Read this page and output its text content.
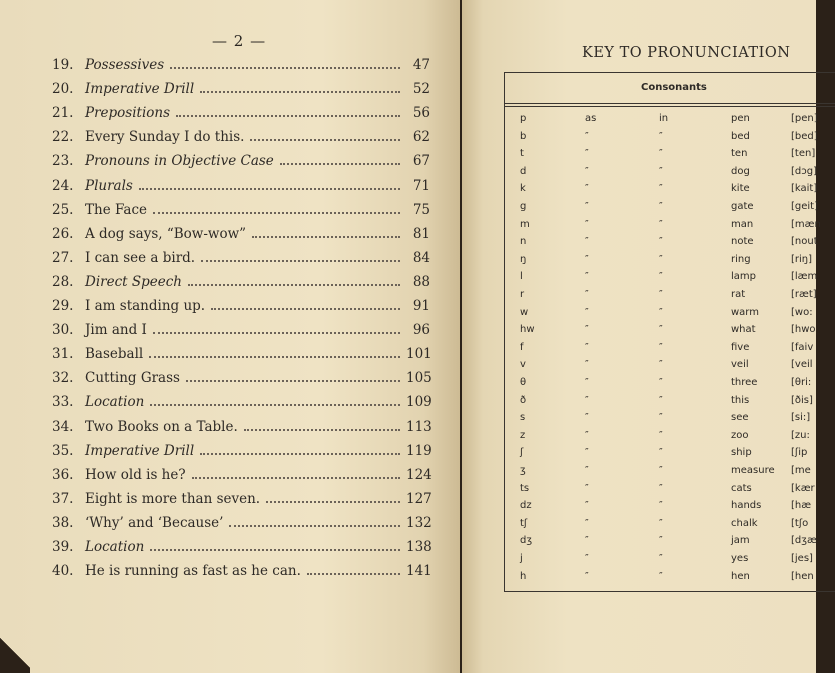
— 2 —
19. Possessives	47
20. Imperative Drill	52
21. Prepositions	56
22. Every Sunday I do this.	62
23. Pronouns in Objective Case	67
24. Plurals	71
25. The Face	75
26. A dog says, “Bow-wow”	81
27. I can see a bird.	84
28. Direct Speech	88
29. I am standing up.	91
30. Jim and I	96
31. Baseball	101
32. Cutting Grass	105
33. Location	109
34. Two Books on a Table.	113
35. Imperative Drill	119
36. How old is he?	124
37. Eight is more than seven.	127
38. ‘Why’ and ‘Because’	132
39. Location	138
40. He is running as fast as he can.	141
KEY TO PRONUNCIATION
Consonants
p	as	in	pen	[pen]
b	″	″	bed	[bed]
t	″	″	ten	[ten]
d	″	″	dog	[dɔg]
k	″	″	kite	[kait]
g	″	″	gate	[geit]
m	″	″	man	[mæn
n	″	″	note	[nout
ŋ	″	″	ring	[riŋ]
l	″	″	lamp	[læm
r	″	″	rat	[ræt]
w	″	″	warm	[wo:
hw	″	″	what	[hwo
f	″	″	five	[faiv
v	″	″	veil	[veil
θ	″	″	three	[θri:
ð	″	″	this	[ðis]
s	″	″	see	[si:]
z	″	″	zoo	[zu:
ʃ	″	″	ship	[ʃip
ʒ	″	″	measure [me
ts	″	″	cats	[kær
dz	″	″	hands	[hæ
tʃ	″	″	chalk	[tʃo
dʒ	″	″	jam	[dʒæ
j	″	″	yes	[jes]
h	″	″	hen	[hen
